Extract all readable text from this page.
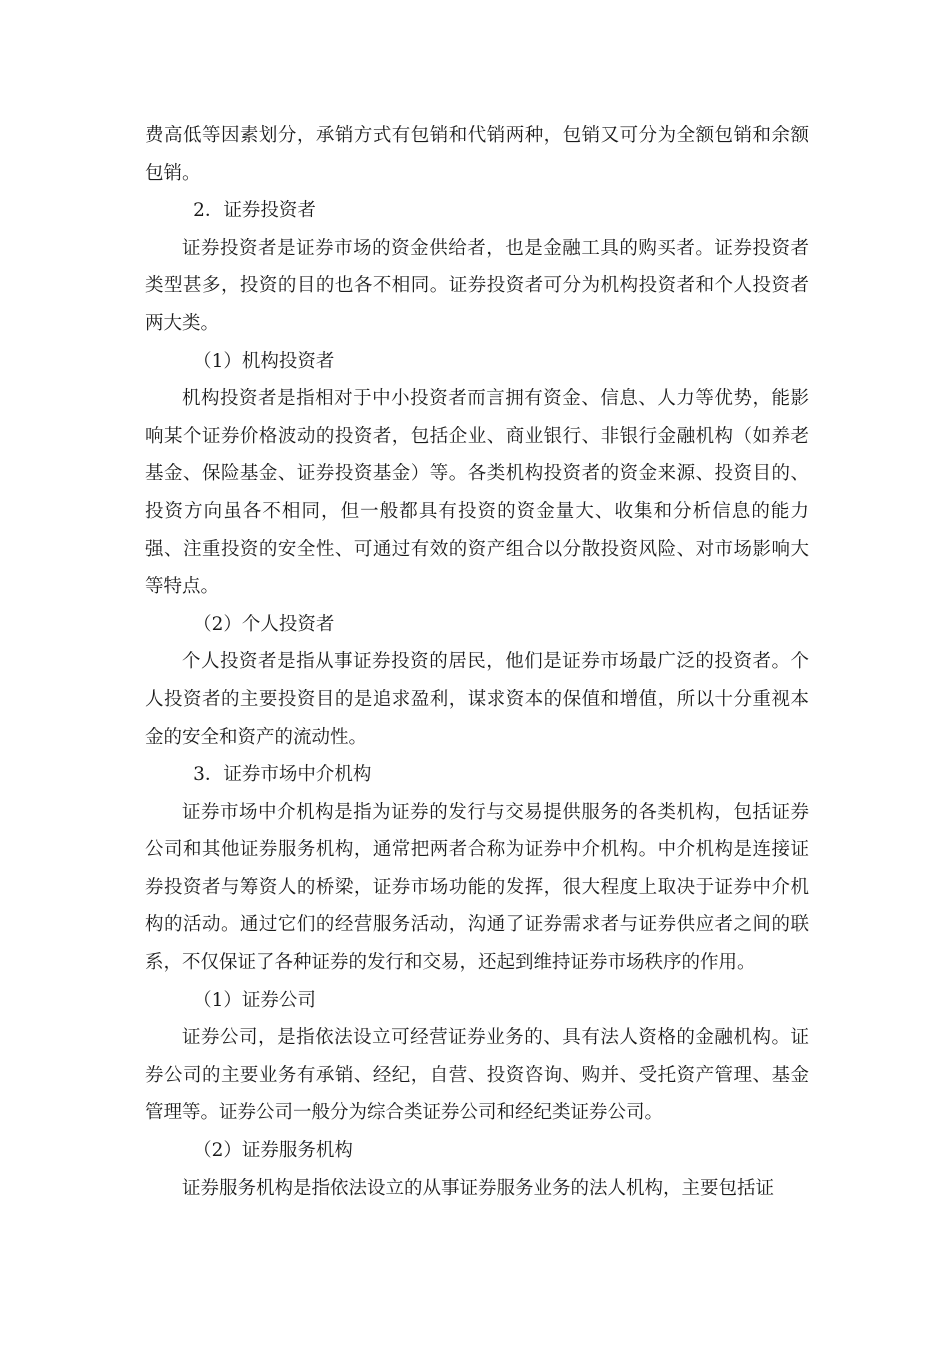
费高低等因素划分，承销方式有包销和代销两种，包销又可分为全额包销和余额包销。

2．证券投资者

证券投资者是证券市场的资金供给者，也是金融工具的购买者。证券投资者类型甚多，投资的目的也各不相同。证券投资者可分为机构投资者和个人投资者两大类。

（1）机构投资者

机构投资者是指相对于中小投资者而言拥有资金、信息、人力等优势，能影响某个证券价格波动的投资者，包括企业、商业银行、非银行金融机构（如养老基金、保险基金、证券投资基金）等。各类机构投资者的资金来源、投资目的、投资方向虽各不相同，但一般都具有投资的资金量大、收集和分析信息的能力强、注重投资的安全性、可通过有效的资产组合以分散投资风险、对市场影响大等特点。

（2）个人投资者

个人投资者是指从事证券投资的居民，他们是证券市场最广泛的投资者。个人投资者的主要投资目的是追求盈利，谋求资本的保值和增值，所以十分重视本金的安全和资产的流动性。

3．证券市场中介机构

证券市场中介机构是指为证券的发行与交易提供服务的各类机构，包括证券公司和其他证券服务机构，通常把两者合称为证券中介机构。中介机构是连接证券投资者与筹资人的桥梁，证券市场功能的发挥，很大程度上取决于证券中介机构的活动。通过它们的经营服务活动，沟通了证券需求者与证券供应者之间的联系，不仅保证了各种证券的发行和交易，还起到维持证券市场秩序的作用。

（1）证券公司

证券公司，是指依法设立可经营证券业务的、具有法人资格的金融机构。证券公司的主要业务有承销、经纪，自营、投资咨询、购并、受托资产管理、基金管理等。证券公司一般分为综合类证券公司和经纪类证券公司。

（2）证券服务机构

证券服务机构是指依法设立的从事证券服务业务的法人机构，主要包括证
